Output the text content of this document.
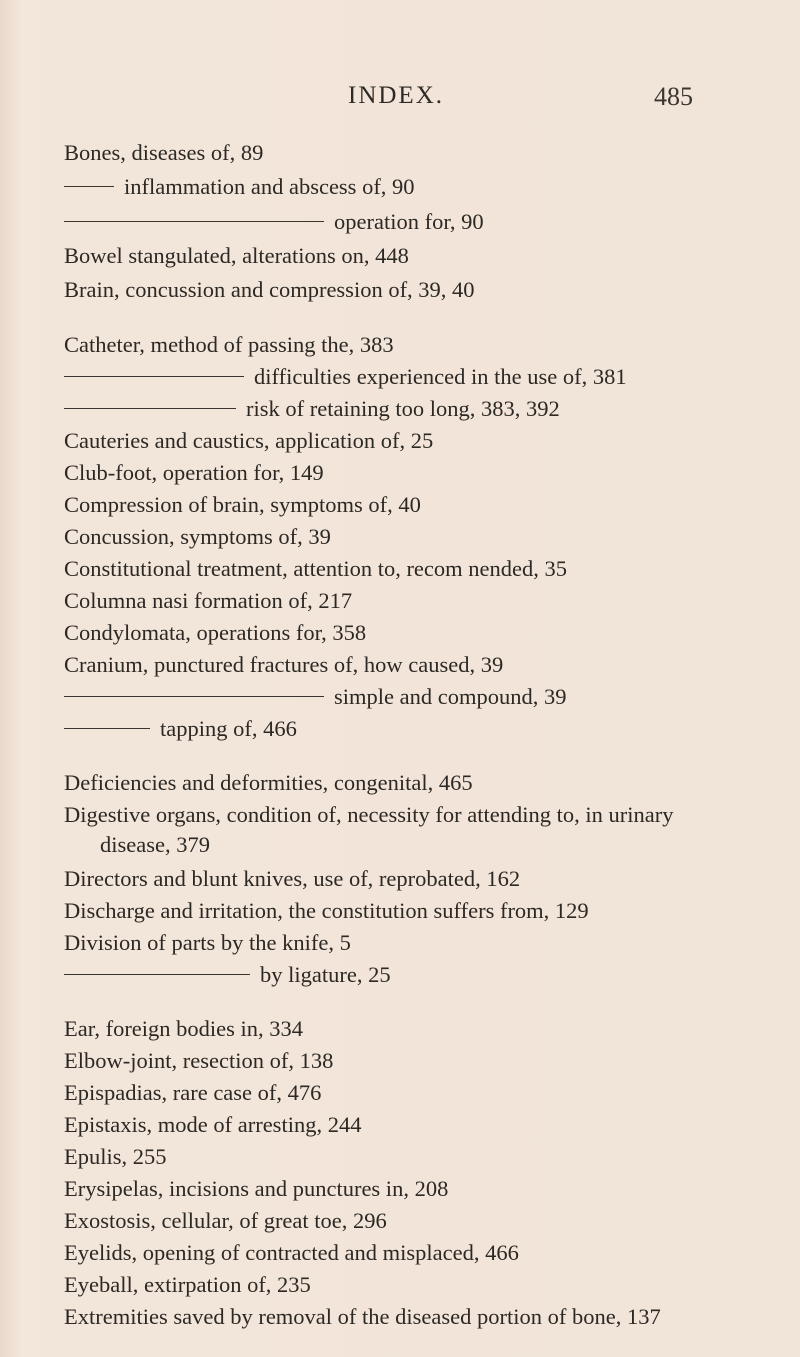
INDEX.	485
Bones, diseases of, 89
inflammation and abscess of, 90
operation for, 90
Bowel stangulated, alterations on, 448
Brain, concussion and compression of, 39, 40
Catheter, method of passing the, 383
difficulties experienced in the use of, 381
risk of retaining too long, 383, 392
Cauteries and caustics, application of, 25
Club-foot, operation for, 149
Compression of brain, symptoms of, 40
Concussion, symptoms of, 39
Constitutional treatment, attention to, recom nended, 35
Columna nasi formation of, 217
Condylomata, operations for, 358
Cranium, punctured fractures of, how caused, 39
simple and compound, 39
tapping of, 466
Deficiencies and deformities, congenital, 465
Digestive organs, condition of, necessity for attending to, in urinary
disease, 379
Directors and blunt knives, use of, reprobated, 162
Discharge and irritation, the constitution suffers from, 129
Division of parts by the knife, 5
by ligature, 25
Ear, foreign bodies in, 334
Elbow-joint, resection of, 138
Epispadias, rare case of, 476
Epistaxis, mode of arresting, 244
Epulis, 255
Erysipelas, incisions and punctures in, 208
Exostosis, cellular, of great toe, 296
Eyelids, opening of contracted and misplaced, 466
Eyeball, extirpation of, 235
Extremities saved by removal of the diseased portion of bone, 137
